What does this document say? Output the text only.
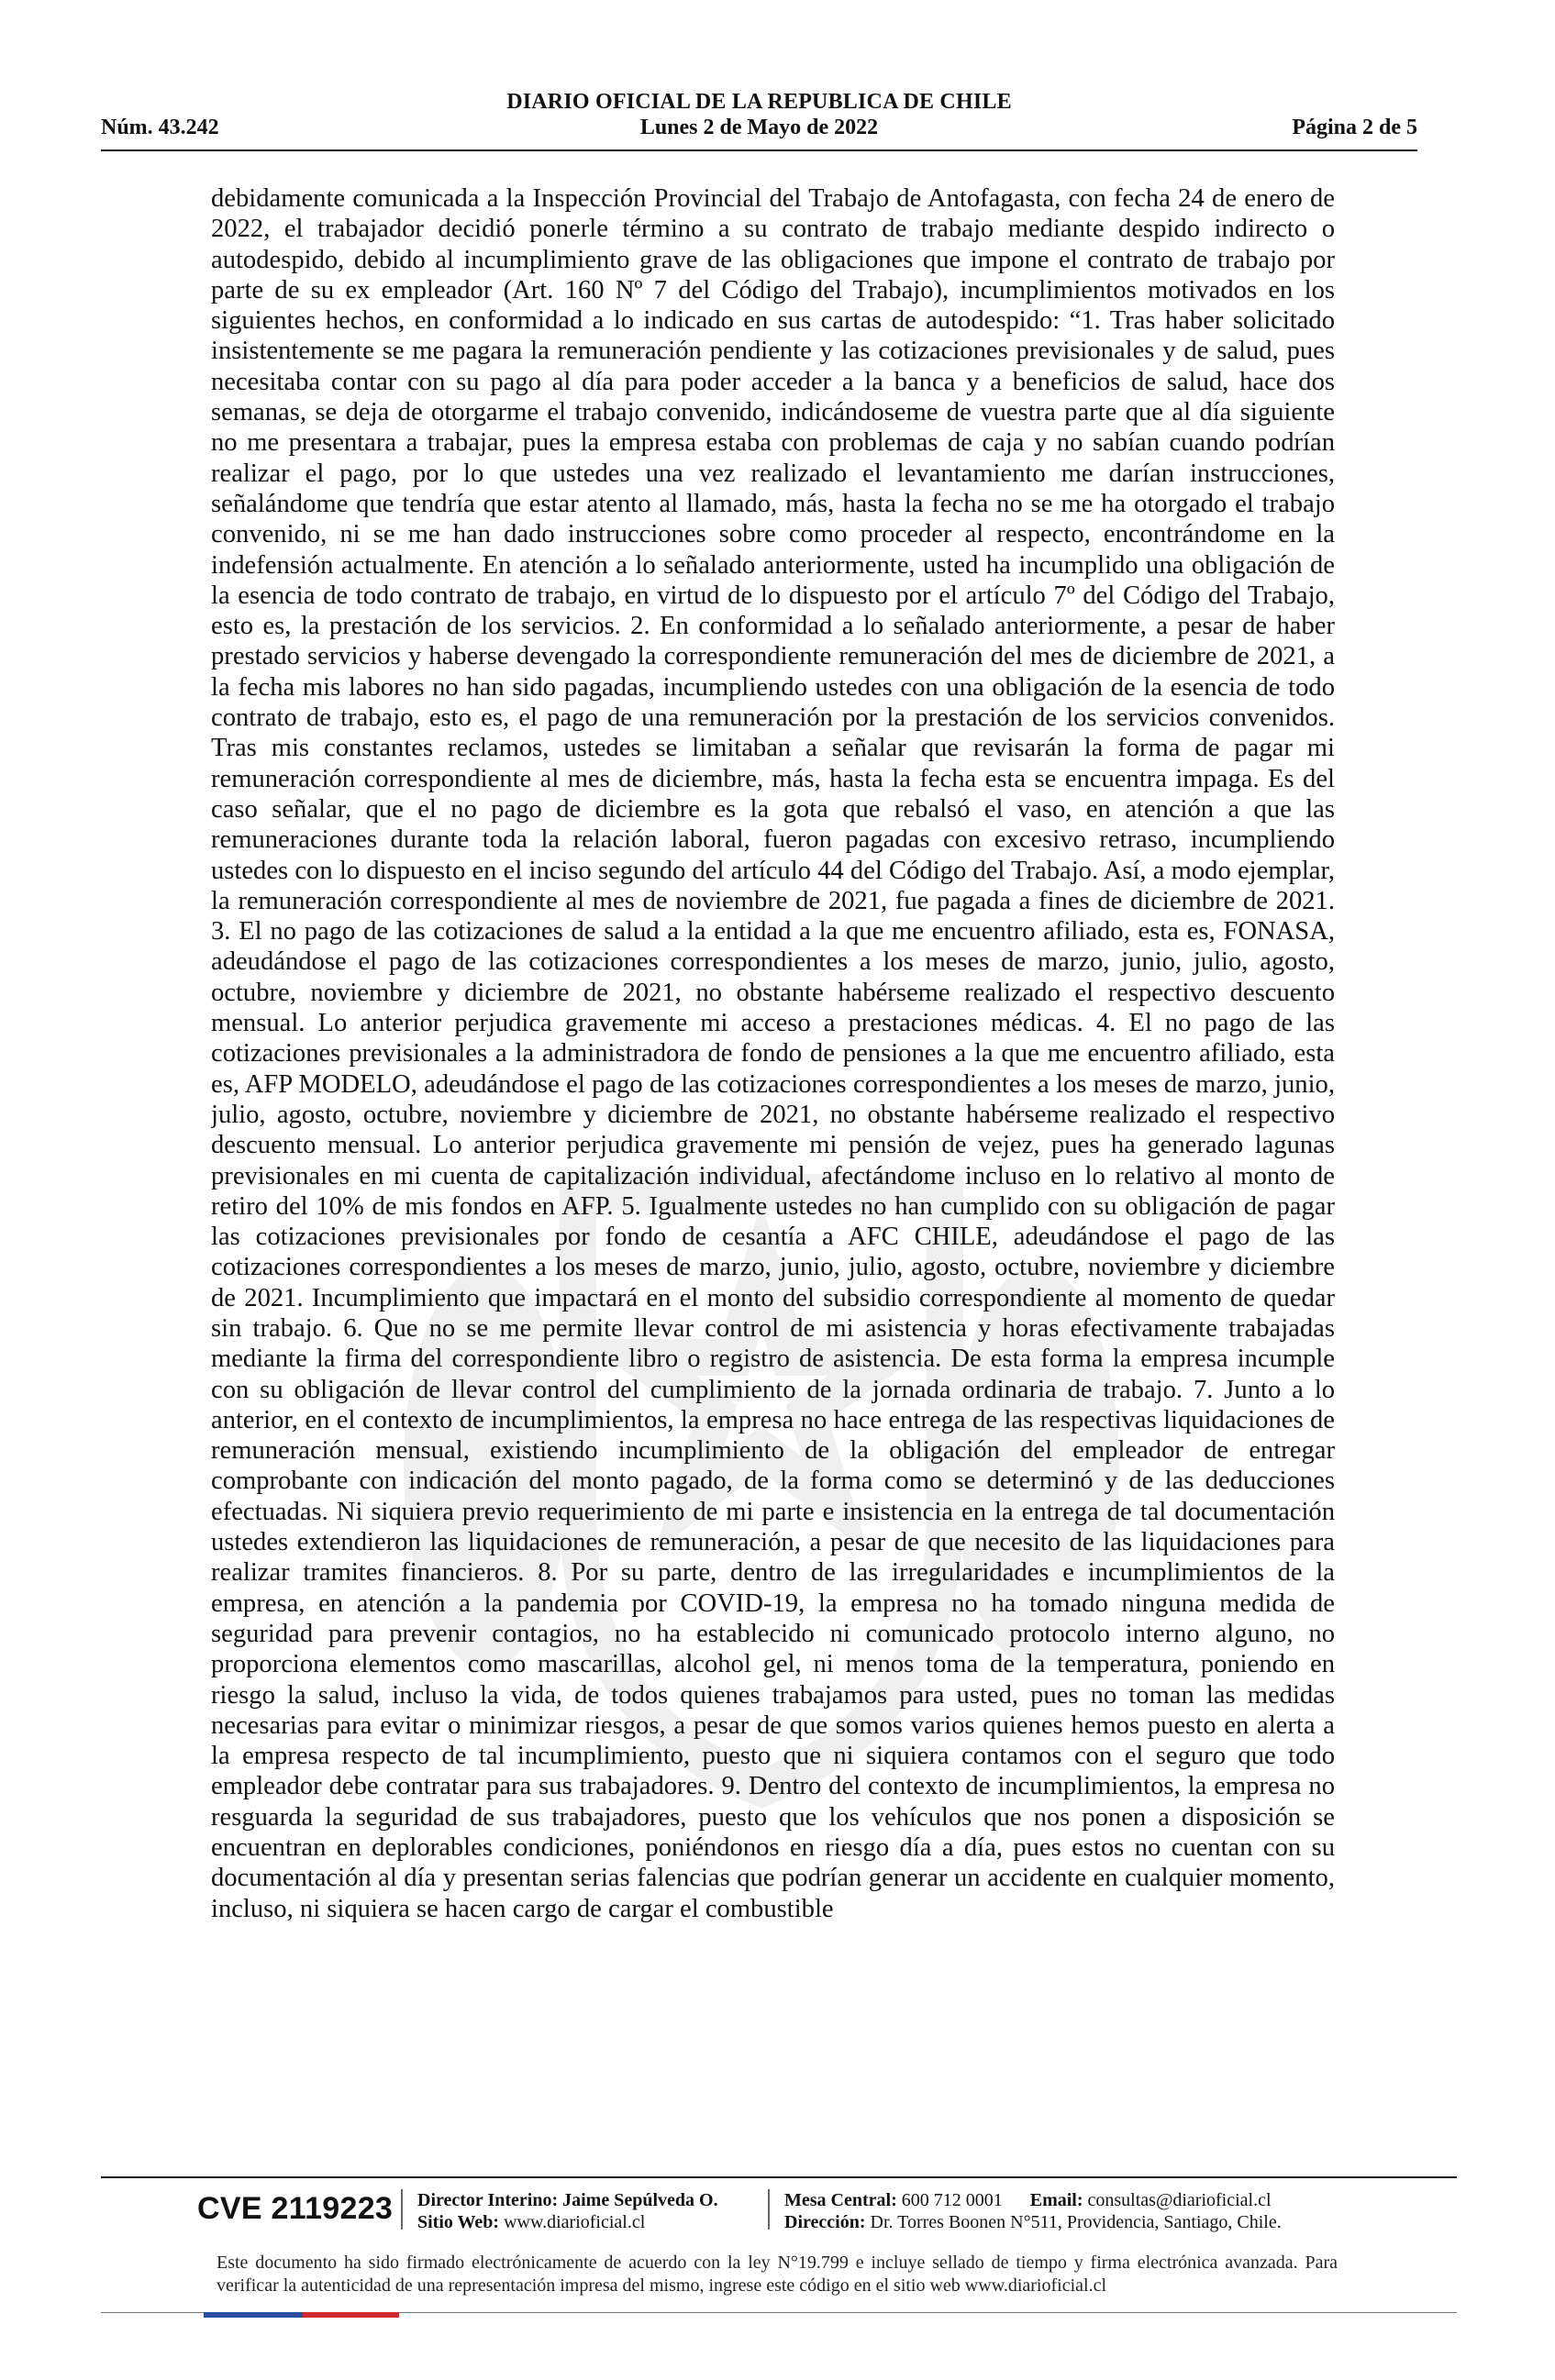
DIARIO OFICIAL DE LA REPUBLICA DE CHILE
Núm. 43.242	Lunes 2 de Mayo de 2022	Página 2 de 5

debidamente comunicada a la Inspección Provincial del Trabajo de Antofagasta, con fecha 24 de enero de 2022, el trabajador decidió ponerle término a su contrato de trabajo mediante despido indirecto o autodespido, debido al incumplimiento grave de las obligaciones que impone el contrato de trabajo por parte de su ex empleador (Art. 160 Nº 7 del Código del Trabajo), incumplimientos motivados en los siguientes hechos, en conformidad a lo indicado en sus cartas de autodespido: “1. Tras haber solicitado insistentemente se me pagara la remuneración pendiente y las cotizaciones previsionales y de salud, pues necesitaba contar con su pago al día para poder acceder a la banca y a beneficios de salud, hace dos semanas, se deja de otorgarme el trabajo convenido, indicándoseme de vuestra parte que al día siguiente no me presentara a trabajar, pues la empresa estaba con problemas de caja y no sabían cuando podrían realizar el pago, por lo que ustedes una vez realizado el levantamiento me darían instrucciones, señalándome que tendría que estar atento al llamado, más, hasta la fecha no se me ha otorgado el trabajo convenido, ni se me han dado instrucciones sobre como proceder al respecto, encontrándome en la indefensión actualmente. En atención a lo señalado anteriormente, usted ha incumplido una obligación de la esencia de todo contrato de trabajo, en virtud de lo dispuesto por el artículo 7º del Código del Trabajo, esto es, la prestación de los servicios. 2. En conformidad a lo señalado anteriormente, a pesar de haber prestado servicios y haberse devengado la correspondiente remuneración del mes de diciembre de 2021, a la fecha mis labores no han sido pagadas, incumpliendo ustedes con una obligación de la esencia de todo contrato de trabajo, esto es, el pago de una remuneración por la prestación de los servicios convenidos. Tras mis constantes reclamos, ustedes se limitaban a señalar que revisarán la forma de pagar mi remuneración correspondiente al mes de diciembre, más, hasta la fecha esta se encuentra impaga. Es del caso señalar, que el no pago de diciembre es la gota que rebalsó el vaso, en atención a que las remuneraciones durante toda la relación laboral, fueron pagadas con excesivo retraso, incumpliendo ustedes con lo dispuesto en el inciso segundo del artículo 44 del Código del Trabajo. Así, a modo ejemplar, la remuneración correspondiente al mes de noviembre de 2021, fue pagada a fines de diciembre de 2021. 3. El no pago de las cotizaciones de salud a la entidad a la que me encuentro afiliado, esta es, FONASA, adeudándose el pago de las cotizaciones correspondientes a los meses de marzo, junio, julio, agosto, octubre, noviembre y diciembre de 2021, no obstante habérseme realizado el respectivo descuento mensual. Lo anterior perjudica gravemente mi acceso a prestaciones médicas. 4. El no pago de las cotizaciones previsionales a la administradora de fondo de pensiones a la que me encuentro afiliado, esta es, AFP MODELO, adeudándose el pago de las cotizaciones correspondientes a los meses de marzo, junio, julio, agosto, octubre, noviembre y diciembre de 2021, no obstante habérseme realizado el respectivo descuento mensual. Lo anterior perjudica gravemente mi pensión de vejez, pues ha generado lagunas previsionales en mi cuenta de capitalización individual, afectándome incluso en lo relativo al monto de retiro del 10% de mis fondos en AFP. 5. Igualmente ustedes no han cumplido con su obligación de pagar las cotizaciones previsionales por fondo de cesantía a AFC CHILE, adeudándose el pago de las cotizaciones correspondientes a los meses de marzo, junio, julio, agosto, octubre, noviembre y diciembre de 2021. Incumplimiento que impactará en el monto del subsidio correspondiente al momento de quedar sin trabajo. 6. Que no se me permite llevar control de mi asistencia y horas efectivamente trabajadas mediante la firma del correspondiente libro o registro de asistencia. De esta forma la empresa incumple con su obligación de llevar control del cumplimiento de la jornada ordinaria de trabajo. 7. Junto a lo anterior, en el contexto de incumplimientos, la empresa no hace entrega de las respectivas liquidaciones de remuneración mensual, existiendo incumplimiento de la obligación del empleador de entregar comprobante con indicación del monto pagado, de la forma como se determinó y de las deducciones efectuadas. Ni siquiera previo requerimiento de mi parte e insistencia en la entrega de tal documentación ustedes extendieron las liquidaciones de remuneración, a pesar de que necesito de las liquidaciones para realizar tramites financieros. 8. Por su parte, dentro de las irregularidades e incumplimientos de la empresa, en atención a la pandemia por COVID-19, la empresa no ha tomado ninguna medida de seguridad para prevenir contagios, no ha establecido ni comunicado protocolo interno alguno, no proporciona elementos como mascarillas, alcohol gel, ni menos toma de la temperatura, poniendo en riesgo la salud, incluso la vida, de todos quienes trabajamos para usted, pues no toman las medidas necesarias para evitar o minimizar riesgos, a pesar de que somos varios quienes hemos puesto en alerta a la empresa respecto de tal incumplimiento, puesto que ni siquiera contamos con el seguro que todo empleador debe contratar para sus trabajadores. 9. Dentro del contexto de incumplimientos, la empresa no resguarda la seguridad de sus trabajadores, puesto que los vehículos que nos ponen a disposición se encuentran en deplorables condiciones, poniéndonos en riesgo día a día, pues estos no cuentan con su documentación al día y presentan serias falencias que podrían generar un accidente en cualquier momento, incluso, ni siquiera se hacen cargo de cargar el combustible

CVE 2119223 Director Interino: Jaime Sepúlveda O.
Sitio Web: www.diarioficial.cl
Mesa Central: 600 712 0001 Email: consultas@diarioficial.cl
Dirección: Dr. Torres Boonen N°511, Providencia, Santiago, Chile.
Este documento ha sido firmado electrónicamente de acuerdo con la ley N°19.799 e incluye sellado de tiempo y firma electrónica avanzada. Para verificar la autenticidad de una representación impresa del mismo, ingrese este código en el sitio web www.diarioficial.cl
